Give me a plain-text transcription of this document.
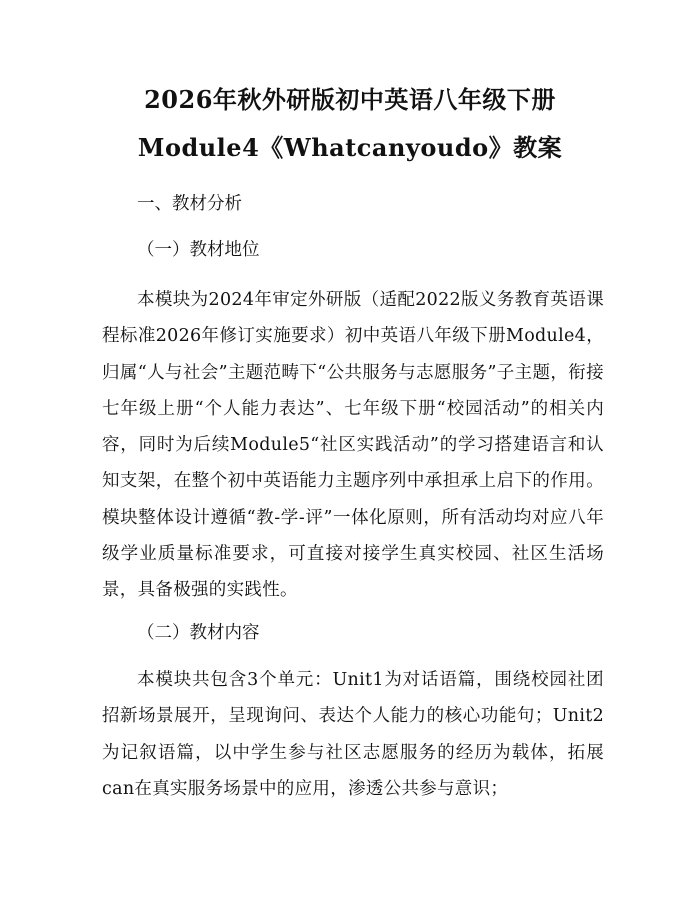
2026年秋外研版初中英语八年级下册
Module4《Whatcanyoudo》教案
一、教材分析
（一）教材地位
本模块为2024年审定外研版（适配2022版义务教育英语课程标准2026年修订实施要求）初中英语八年级下册Module4，归属“人与社会”主题范畴下“公共服务与志愿服务”子主题，衔接七年级上册“个人能力表达”、七年级下册“校园活动”的相关内容，同时为后续Module5“社区实践活动”的学习搭建语言和认知支架，在整个初中英语能力主题序列中承担承上启下的作用。模块整体设计遵循“教-学-评”一体化原则，所有活动均对应八年级学业质量标准要求，可直接对接学生真实校园、社区生活场景，具备极强的实践性。
（二）教材内容
本模块共包含3个单元：Unit1为对话语篇，围绕校园社团招新场景展开，呈现询问、表达个人能力的核心功能句；Unit2为记叙语篇，以中学生参与社区志愿服务的经历为载体，拓展can在真实服务场景中的应用，渗透公共参与意识；
